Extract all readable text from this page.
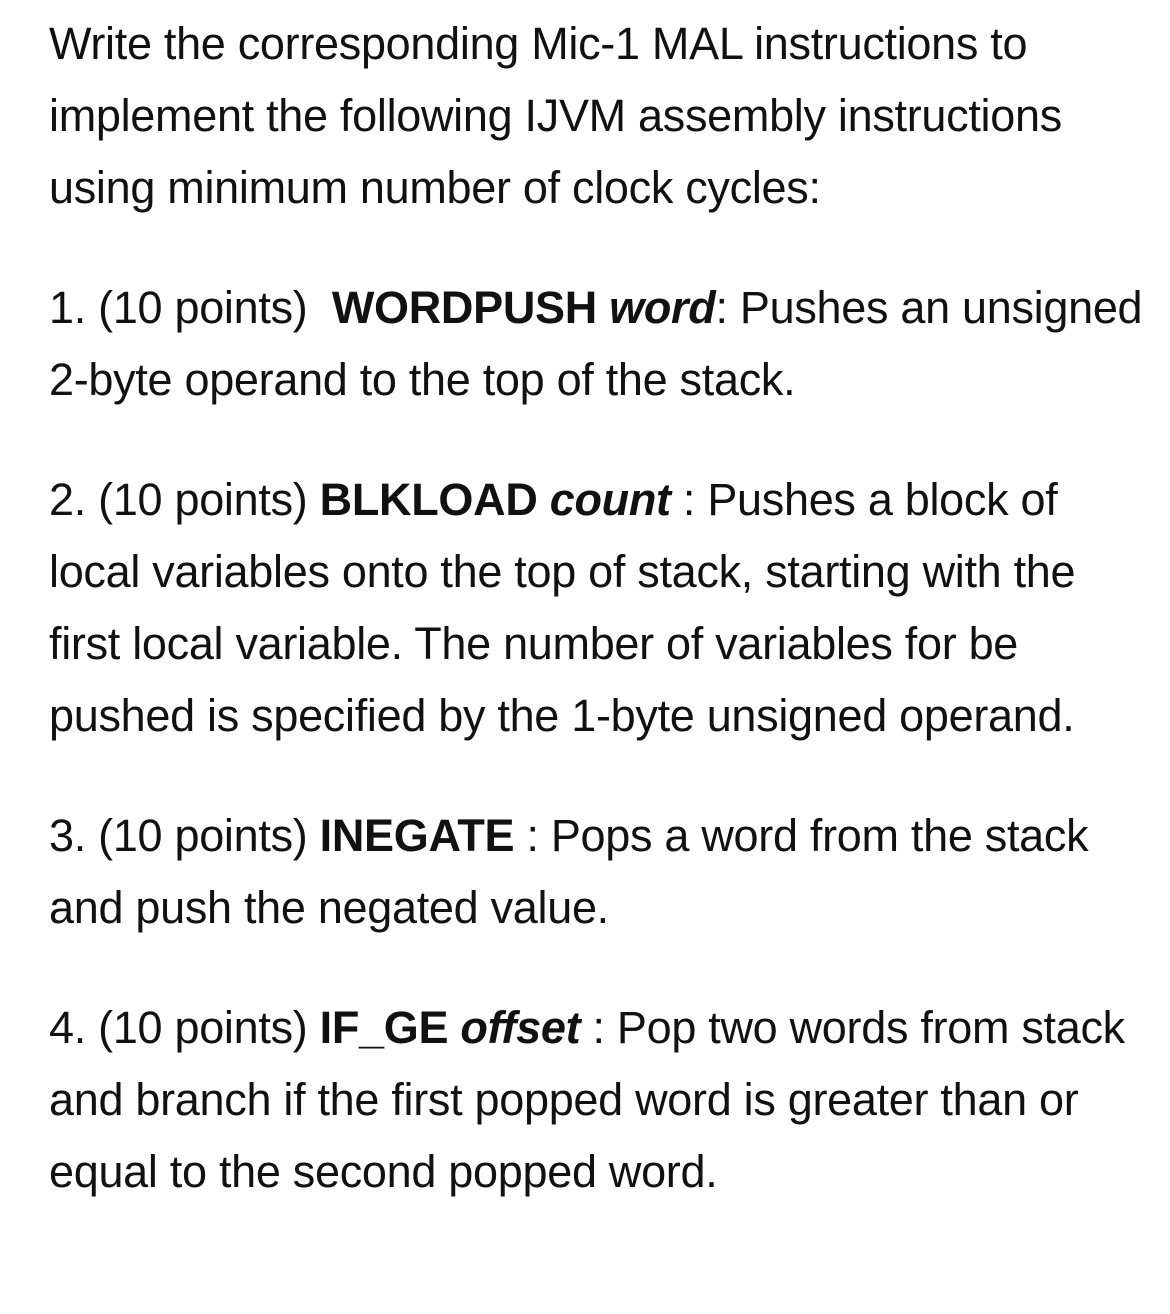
Write the corresponding Mic-1 MAL instructions to implement the following IJVM assembly instructions using minimum number of clock cycles:

1. (10 points) WORDPUSH word: Pushes an unsigned 2-byte operand to the top of the stack.

2. (10 points) BLKLOAD count : Pushes a block of local variables onto the top of stack, starting with the first local variable. The number of variables for be pushed is specified by the 1-byte unsigned operand.

3. (10 points) INEGATE : Pops a word from the stack and push the negated value.

4. (10 points) IF_GE offset : Pop two words from stack and branch if the first popped word is greater than or equal to the second popped word.
